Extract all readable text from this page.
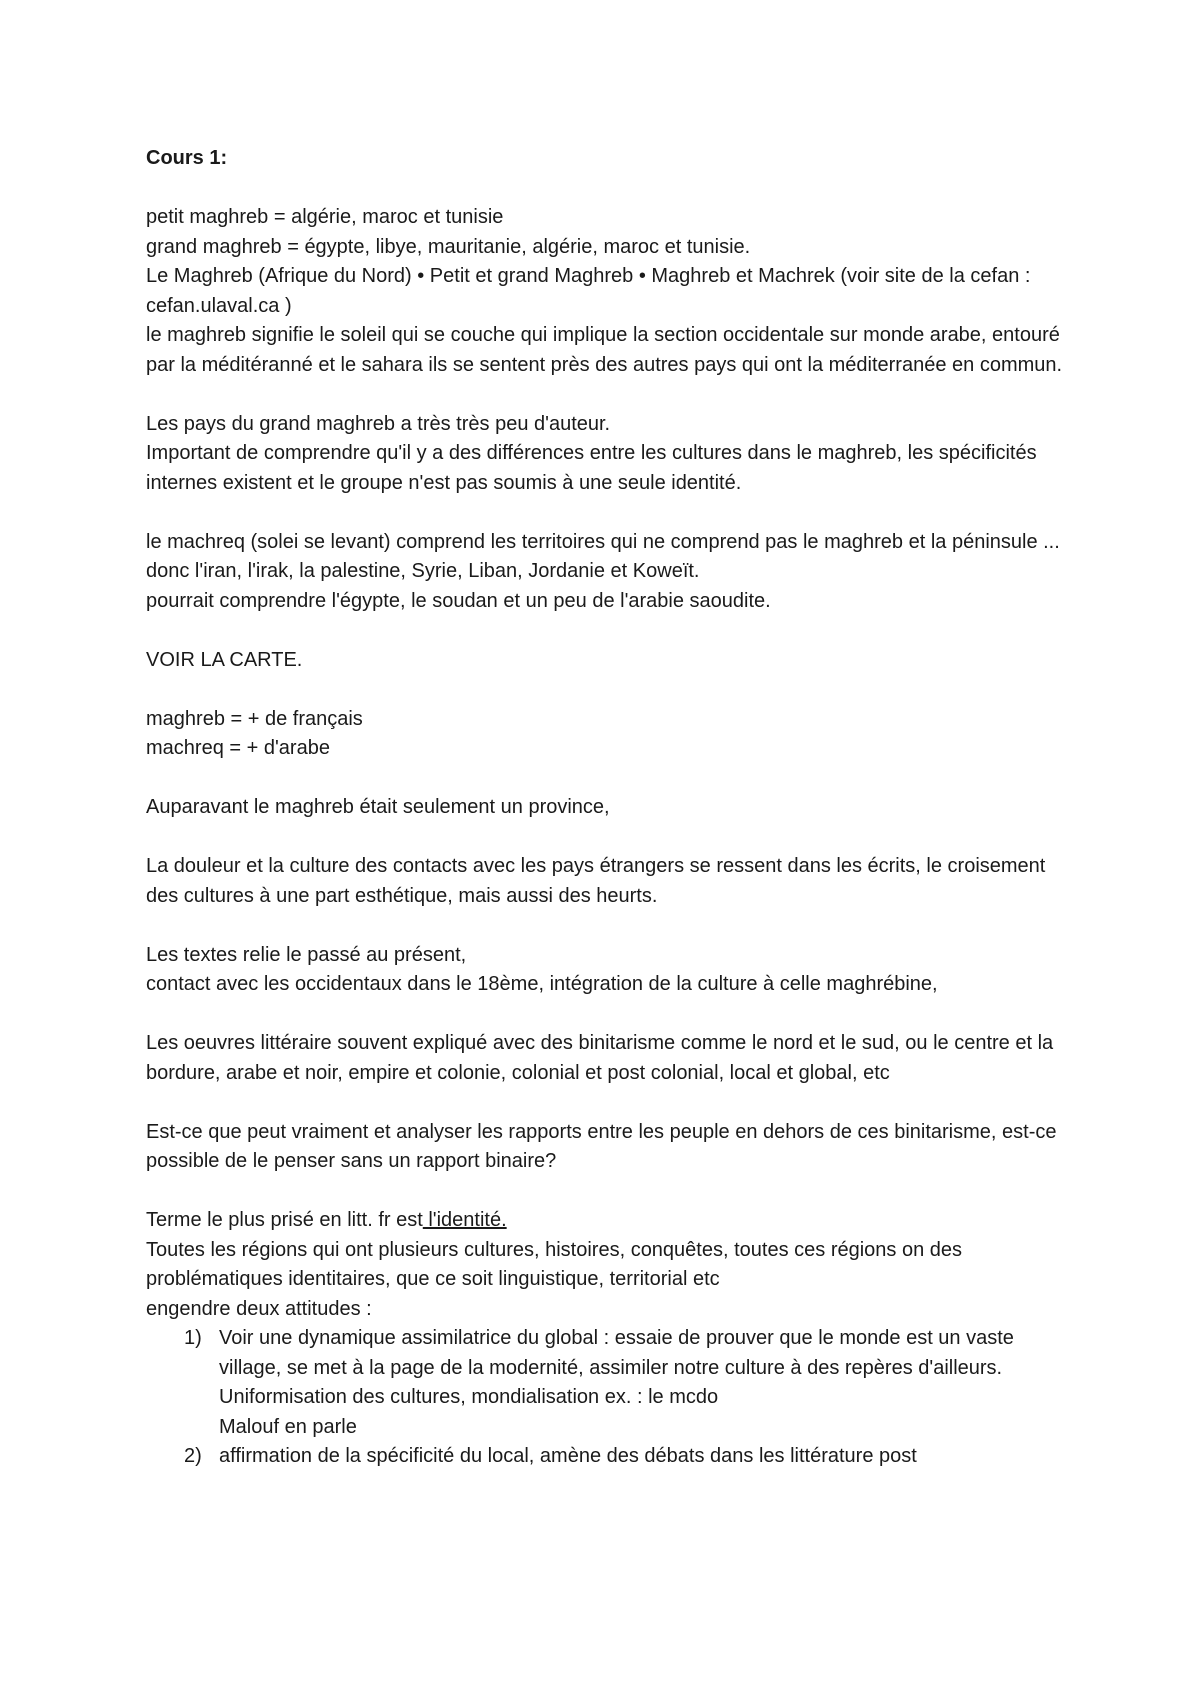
Cours 1:

petit maghreb = algérie, maroc et tunisie

grand maghreb = égypte, libye, mauritanie, algérie, maroc et tunisie.

Le Maghreb (Afrique du Nord) • Petit et grand Maghreb • Maghreb et Machrek (voir site de la cefan : cefan.ulaval.ca )

le maghreb signifie le soleil qui se couche qui implique la section occidentale sur monde arabe, entouré par la méditéranné et le sahara ils se sentent près des autres pays qui ont la méditerranée en commun.

Les pays du grand maghreb a très très peu d'auteur.

Important de comprendre qu'il y a des différences entre les cultures dans le maghreb, les spécificités internes existent et le groupe n'est pas soumis à une seule identité.

le machreq (solei se levant) comprend les territoires qui ne comprend pas le maghreb et la péninsule ...

donc l'iran, l'irak, la palestine, Syrie, Liban, Jordanie et Koweït.

pourrait comprendre l'égypte, le soudan et un peu de l'arabie saoudite.

VOIR LA CARTE.

maghreb = + de français

machreq = + d'arabe

Auparavant le maghreb était seulement un province,

La douleur et la culture des contacts avec les pays étrangers se ressent dans les écrits, le croisement des cultures à une part esthétique, mais aussi des heurts.

Les textes relie le passé au présent,

contact avec les occidentaux dans le 18ème, intégration de la culture à celle maghrébine,

Les oeuvres littéraire souvent expliqué avec des binitarisme comme le nord et le sud, ou le centre et la bordure, arabe et noir, empire et colonie, colonial et post colonial, local et global, etc

Est-ce que peut vraiment et analyser les rapports entre les peuple en dehors de ces binitarisme, est-ce possible de le penser sans un rapport binaire?

Terme le plus prisé en litt. fr est l'identité.

Toutes les régions qui ont plusieurs cultures, histoires, conquêtes, toutes ces régions on des problématiques identitaires, que ce soit linguistique, territorial etc

engendre deux attitudes :

1) Voir une dynamique assimilatrice du global : essaie de prouver que le monde est un vaste village, se met à la page de la modernité, assimiler notre culture à des repères d'ailleurs. Uniformisation des cultures, mondialisation ex. : le mcdo
Malouf en parle
2) affirmation de la spécificité du local, amène des débats dans les littérature post
